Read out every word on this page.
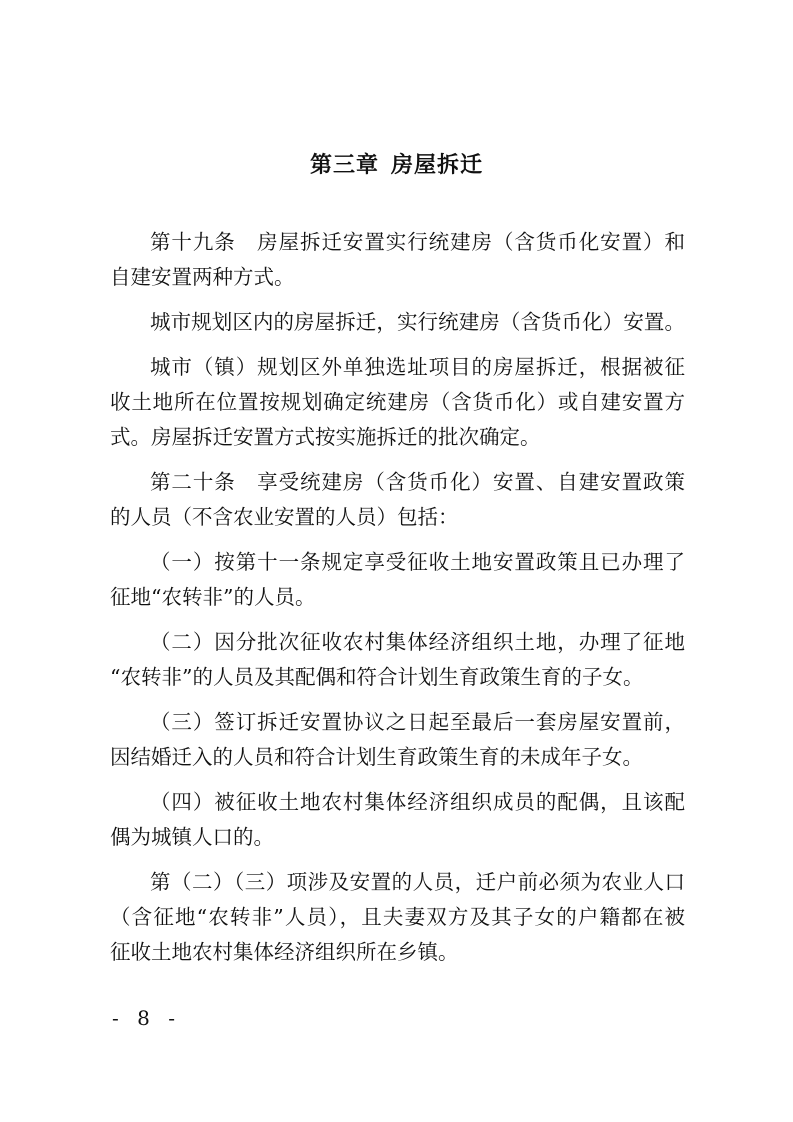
第三章 房屋拆迁
第十九条　房屋拆迁安置实行统建房（含货币化安置）和
自建安置两种方式。
城市规划区内的房屋拆迁，实行统建房（含货币化）安置。
城市（镇）规划区外单独选址项目的房屋拆迁，根据被征
收土地所在位置按规划确定统建房（含货币化）或自建安置方
式。房屋拆迁安置方式按实施拆迁的批次确定。
第二十条　享受统建房（含货币化）安置、自建安置政策
的人员（不含农业安置的人员）包括：
（一）按第十一条规定享受征收土地安置政策且已办理了
征地“农转非”的人员。
（二）因分批次征收农村集体经济组织土地，办理了征地
“农转非”的人员及其配偶和符合计划生育政策生育的子女。
（三）签订拆迁安置协议之日起至最后一套房屋安置前，
因结婚迁入的人员和符合计划生育政策生育的未成年子女。
（四）被征收土地农村集体经济组织成员的配偶，且该配
偶为城镇人口的。
第（二）（三）项涉及安置的人员，迁户前必须为农业人口
（含征地“农转非”人员），且夫妻双方及其子女的户籍都在被
征收土地农村集体经济组织所在乡镇。
- 8 -
